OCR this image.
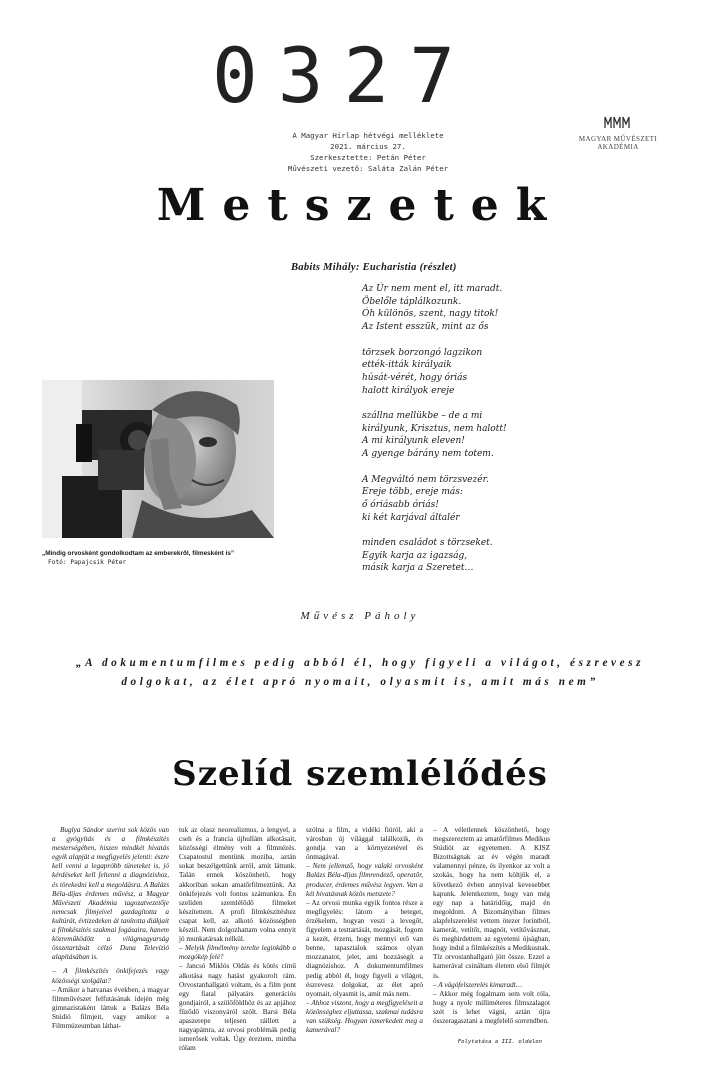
0327
A Magyar Hírlap hétvégi melléklete
2021. március 27.
Szerkesztette: Petán Péter
Művészeti vezető: Saláta Zalán Péter
MAGYAR MŰVÉSZETI AKADÉMIA
Metszetek
Babits Mihály: Eucharistia (részlet)
Az Úr nem ment el, itt maradt.
Öbelőle táplálkozunk.
Óh különös, szent, nagy titok!
Az Istent esszük, mint az ős
törzsek borzongó lagzikon
ették-itták királyaik
húsát-vérét, hogy óriás
halott királyok ereje
szállna mellükbe – de a mi
királyunk, Krisztus, nem halott!
A mi királyunk eleven!
A gyenge bárány nem totem.
A Megváltó nem törzsvezér.
Ereje több, ereje más:
ő óriásabb óriás!
ki két karjával általér
minden családot s törzseket.
Egyik karja az igazság,
másik karja a Szeretet…
„Mindig orvosként gondolkodtam az emberekről, filmesként is”
Fotó: Papajcsik Péter
Művész Páholy
„A dokumentumfilmes pedig abból él, hogy figyeli a világot, észrevesz dolgokat, az élet apró nyomait, olyasmit is, amit más nem”
Szelíd szemlélődés

Buglya Sándor szerint sok közös van a gyógyítás és a filmkészítés mesterségében, hiszen mindkét hivatás egyik alapját a megfigyelés jelenti: észre kell venni a legapróbb tüneteket is, jó kérdéseket kell feltenni a diagnózishoz, és törekedni kell a megoldásra. A Balázs Béla-díjas érdemes művész, a Magyar Művészeti Akadémia tagozatvezetője nemcsak filmjeivel gazdagította a kultúrát, évtizedeken át tanította diákjait a filmkészítés szakmai fogásaira, hanem közreműködött a világmagyarság összetartását célzó Duna Televízió alapításában is.

– A filmkészítés önkifejezés vagy közösségi szolgálat?

– Amikor a hatvanas években, a magyar filmművészet felfutásának idején még gimnazistaként láttuk a Balázs Béla Stúdió filmjeit, vagy amikor a Filmmúzeumban láthat-

tuk az olasz neorealizmus, a lengyel, a cseh és a francia újhullám alkotásait, közösségi élmény volt a filmnézés. Csapatostul mentünk moziba, aztán sokat beszélgettünk arról, amit láttunk. Talán ennek köszönhető, hogy akkoriban sokan amatőrfilmeztünk. Az önkifejezés volt fontos számunkra. Én szelíden szemlélődő filmeket készítettem. A profi filmkészítéshez csapat kell, az alkotó közösségben készül. Nem dolgozhattam volna ennyit jó munkatársak nélkül.

– Melyik filmélmény terelte leginkább a mozgókép felé?

– Jancsó Miklós Oldás és kötés című alkotása nagy hatást gyakorolt rám. Orvostanhallgató voltam, és a film pont egy fiatal pályatárs generációs gondjairól, a szülőföldhöz és az apjához fűződő viszonyáról szólt. Barsi Béla apaszerepe teljesen ráillett a nagyapámra, az orvosi problémák pedig ismerősek voltak. Úgy éreztem, mintha rólam

szólna a film, a vidéki fiúról, aki a városban új világgal találkozik, és gondja van a környezetével és önmagával.

– Nem jellemző, hogy valaki orvosként Balázs Béla-díjas filmrendező, operatőr, producer, érdemes művész legyen. Van a két hivatásnak közös metszete?

– Az orvosi munka egyik fontos része a megfigyelés: látom a beteget, érzékelem, hogyan veszi a levegőt, figyelem a testtartását, mozgását, fogom a kezét, érzem, hogy mennyi erő van benne, tapasztalok számos olyan mozzanatot, jelet, ami hozzásegít a diagnózishoz. A dokumentumfilmes pedig abból él, hogy figyeli a világot, észrevesz dolgokat, az élet apró nyomait, olyasmit is, amit más nem.

– Ahhoz viszont, hogy a megfigyeléseit a közönséghez eljuttassa, szakmai tudásra van szükség. Hogyan ismerkedett meg a kamerával?

– A véletlennek köszönhető, hogy megszereztem az amatőrfilmes Medikus Stúdiót az egyetemen. A KISZ Bizottságnak az év végén maradt valamennyi pénze, és ilyenkor az volt a szokás, hogy ha nem költjük el, a következő évben annyival kevesebbet kapunk. Jelentkeztem, hogy van még egy nap a határidőig, majd én megoldom. A Bizományiban filmes alapfelszerelést vettem ötezer forintból, kamerát, vetítőt, magnót, vetítővásznat, és meghirdettem az egyetemi újságban, hogy indul a filmkészítés a Medikusnak. Tíz orvostanhallgató jött össze. Ezzel a kamerával csináltam életem első filmjét is.

– A vágófelszerelés kimaradt…

– Akkor még fogalmam sem volt róla, hogy a nyolc milliméteres filmszalagot szét is lehet vágni, aztán újra összeragasztani a megfelelő sorrendben.

Folytatása a III. oldalon
